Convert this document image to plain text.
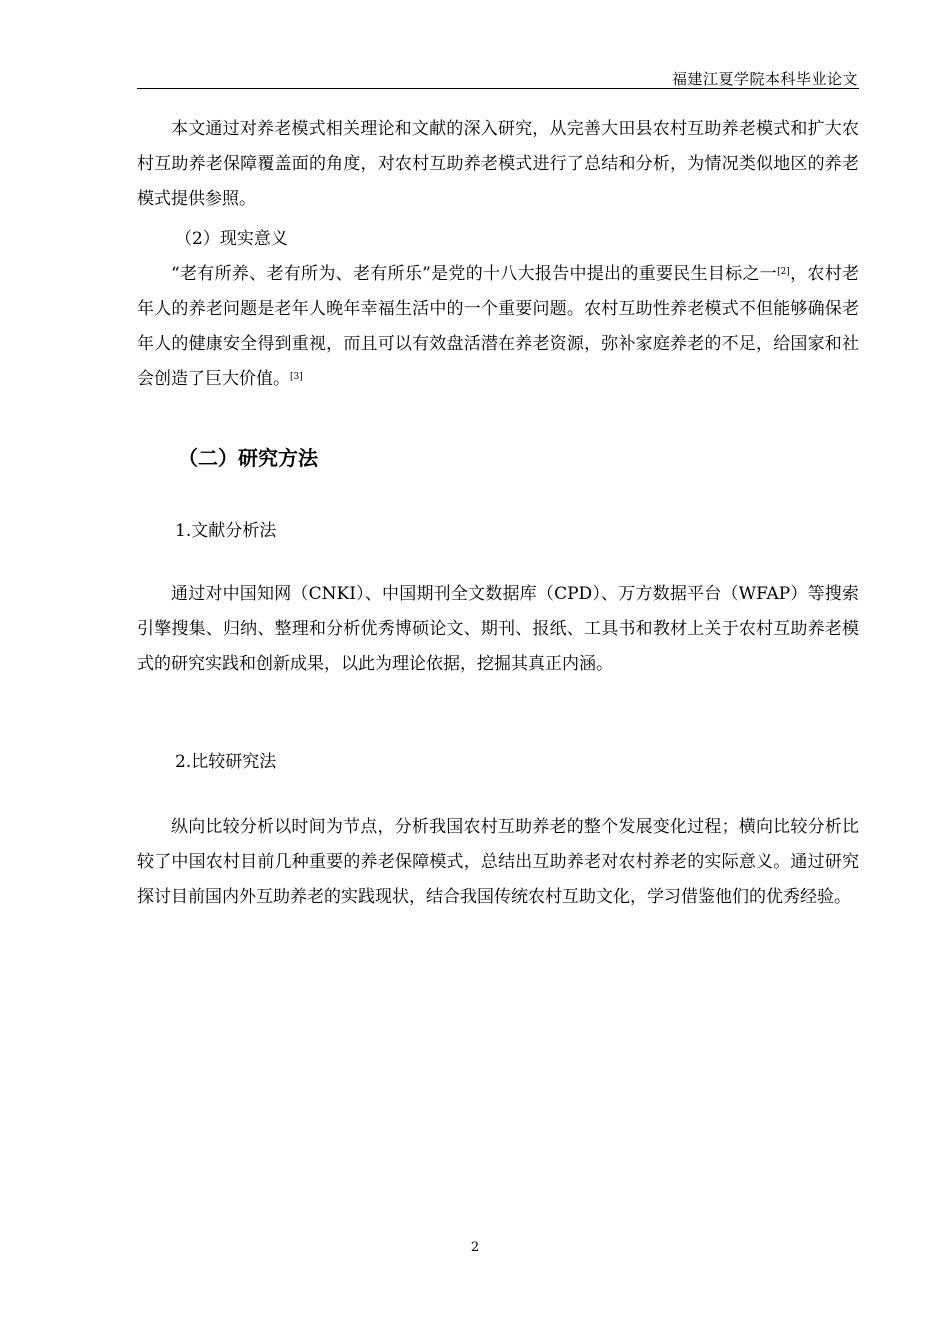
福建江夏学院本科毕业论文

本文通过对养老模式相关理论和文献的深入研究，从完善大田县农村互助养老模式和扩大农村互助养老保障覆盖面的角度，对农村互助养老模式进行了总结和分析，为情况类似地区的养老模式提供参照。

（2）现实意义

“老有所养、老有所为、老有所乐”是党的十八大报告中提出的重要民生目标之一[2]，农村老年人的养老问题是老年人晚年幸福生活中的一个重要问题。农村互助性养老模式不但能够确保老年人的健康安全得到重视，而且可以有效盘活潜在养老资源，弥补家庭养老的不足，给国家和社会创造了巨大价值。[3]

（二）研究方法

1.文献分析法

通过对中国知网（CNKI）、中国期刊全文数据库（CPD）、万方数据平台（WFAP）等搜索引擎搜集、归纳、整理和分析优秀博硕论文、期刊、报纸、工具书和教材上关于农村互助养老模式的研究实践和创新成果，以此为理论依据，挖掘其真正内涵。

2.比较研究法

纵向比较分析以时间为节点，分析我国农村互助养老的整个发展变化过程；横向比较分析比较了中国农村目前几种重要的养老保障模式，总结出互助养老对农村养老的实际意义。通过研究探讨目前国内外互助养老的实践现状，结合我国传统农村互助文化，学习借鉴他们的优秀经验。

2
